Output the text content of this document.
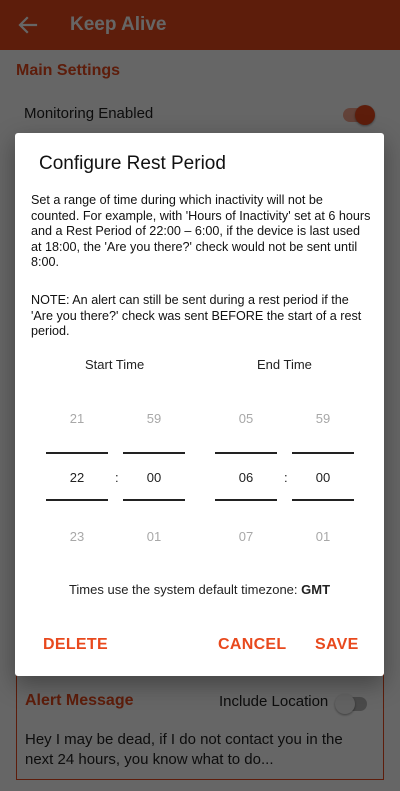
Configure Rest Period
Set a range of time during which inactivity will not be counted. For example, with 'Hours of Inactivity' set at 6 hours and a Rest Period of 22:00 – 6:00, if the device is last used at 18:00, the 'Are you there?' check would not be sent until 8:00.
NOTE: An alert can still be sent during a rest period if the 'Are you there?' check was sent BEFORE the start of a rest period.
Start Time	End Time
21
22
23
:
59
00
01
05
06
07
:
59
00
01
Times use the system default timezone: GMT
DELETE	CANCEL SAVE
